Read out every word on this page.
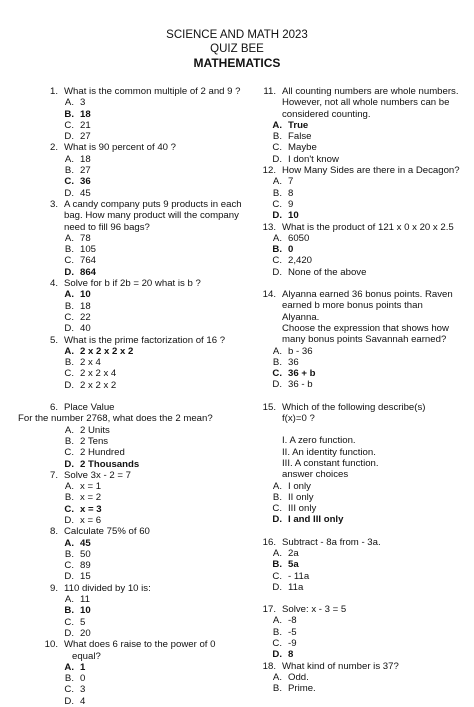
SCIENCE AND MATH 2023
QUIZ BEE
MATHEMATICS
1. What is the common multiple of 2 and 9 ?
A. 3
B. 18
C. 21
D. 27
2. What is 90 percent of 40 ?
A. 18
B. 27
C. 36
D. 45
3. A candy company puts 9 products in each
bag. How many product will the company
need to fill 96 bags?
A. 78
B. 105
C. 764
D. 864
4. Solve for b if 2b = 20 what is b ?
A. 10
B. 18
C. 22
D. 40
5. What is the prime factorization of 16 ?
A. 2 x 2 x 2 x 2
B. 2 x 4
C. 2 x 2 x 4
D. 2 x 2 x 2
6. Place Value
For the number 2768, what does the 2 mean?
A. 2 Units
B. 2 Tens
C. 2 Hundred
D. 2 Thousands
7. Solve 3x - 2 = 7
A. x = 1
B. x = 2
C. x = 3
D. x = 6
8. Calculate 75% of 60
A. 45
B. 50
C. 89
D. 15
9. 110 divided by 10 is:
A. 11
B. 10
C. 5
D. 20
10. What does 6 raise to the power of 0
equal?
A. 1
B. 0
C. 3
D. 4
11. All counting numbers are whole numbers.
However, not all whole numbers can be
considered counting.
A. True
B. False
C. Maybe
D. I don't know
12. How Many Sides are there in a Decagon?
A. 7
B. 8
C. 9
D. 10
13. What is the product of 121 x 0 x 20 x 2.5
A. 6050
B. 0
C. 2,420
D. None of the above
14. Alyanna earned 36 bonus points. Raven
earned b more bonus points than Alyanna.
Choose the expression that shows how
many bonus points Savannah earned?
A. b - 36
B. 36
C. 36 + b
D. 36 - b
15. Which of the following describe(s)
f(x)=0 ?
I. A zero function.
II. An identity function.
III. A constant function.
answer choices
A. I only
B. II only
C. III only
D. I and III only
16. Subtract - 8a from - 3a.
A. 2a
B. 5a
C. - 11a
D. 11a
17. Solve: x - 3 = 5
A. -8
B. -5
C. -9
D. 8
18. What kind of number is 37?
A. Odd.
B. Prime.
